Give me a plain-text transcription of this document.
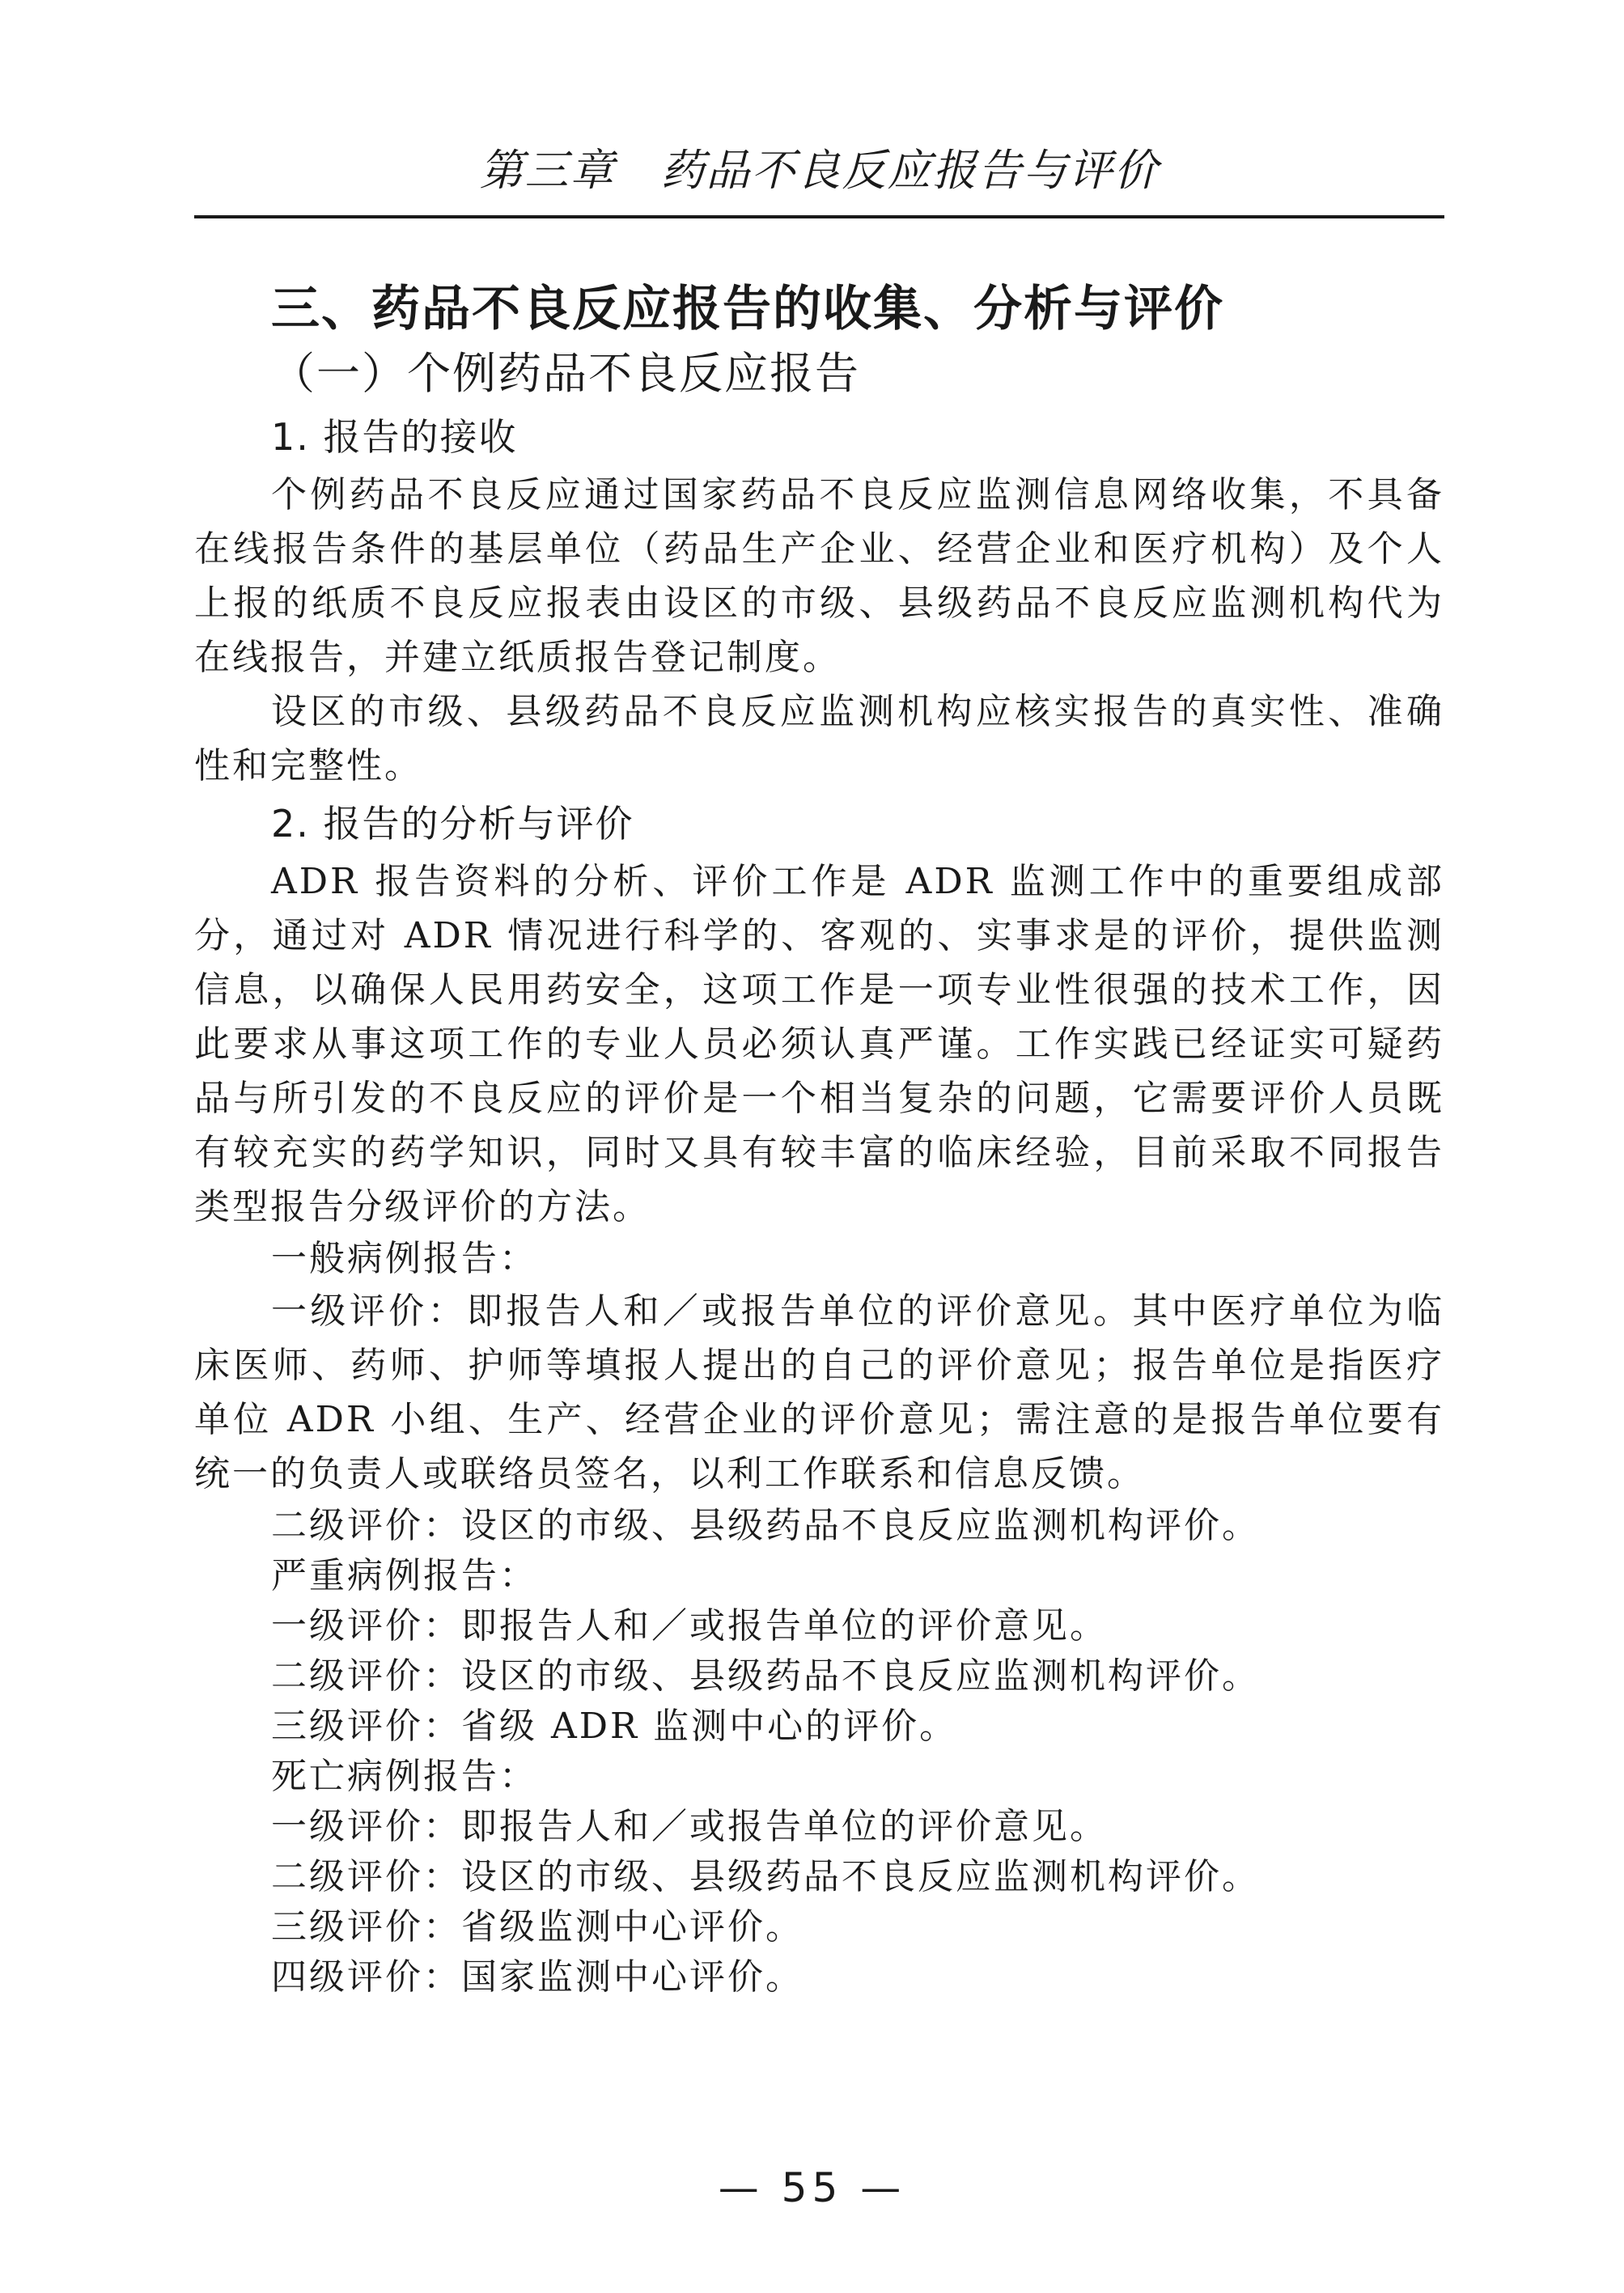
第三章　药品不良反应报告与评价
三、药品不良反应报告的收集、分析与评价
（一）个例药品不良反应报告
1. 报告的接收

个例药品不良反应通过国家药品不良反应监测信息网络收集，不具备在线报告条件的基层单位（药品生产企业、经营企业和医疗机构）及个人上报的纸质不良反应报表由设区的市级、县级药品不良反应监测机构代为在线报告，并建立纸质报告登记制度。

设区的市级、县级药品不良反应监测机构应核实报告的真实性、准确性和完整性。

2. 报告的分析与评价

ADR 报告资料的分析、评价工作是 ADR 监测工作中的重要组成部分，通过对 ADR 情况进行科学的、客观的、实事求是的评价，提供监测信息，以确保人民用药安全，这项工作是一项专业性很强的技术工作，因此要求从事这项工作的专业人员必须认真严谨。工作实践已经证实可疑药品与所引发的不良反应的评价是一个相当复杂的问题，它需要评价人员既有较充实的药学知识，同时又具有较丰富的临床经验，目前采取不同报告类型报告分级评价的方法。

一般病例报告：

一级评价：即报告人和／或报告单位的评价意见。其中医疗单位为临床医师、药师、护师等填报人提出的自己的评价意见；报告单位是指医疗单位 ADR 小组、生产、经营企业的评价意见；需注意的是报告单位要有统一的负责人或联络员签名，以利工作联系和信息反馈。

二级评价：设区的市级、县级药品不良反应监测机构评价。
严重病例报告：
一级评价：即报告人和／或报告单位的评价意见。
二级评价：设区的市级、县级药品不良反应监测机构评价。
三级评价：省级 ADR 监测中心的评价。
死亡病例报告：
一级评价：即报告人和／或报告单位的评价意见。
二级评价：设区的市级、县级药品不良反应监测机构评价。
三级评价：省级监测中心评价。
四级评价：国家监测中心评价。
— 55 —
